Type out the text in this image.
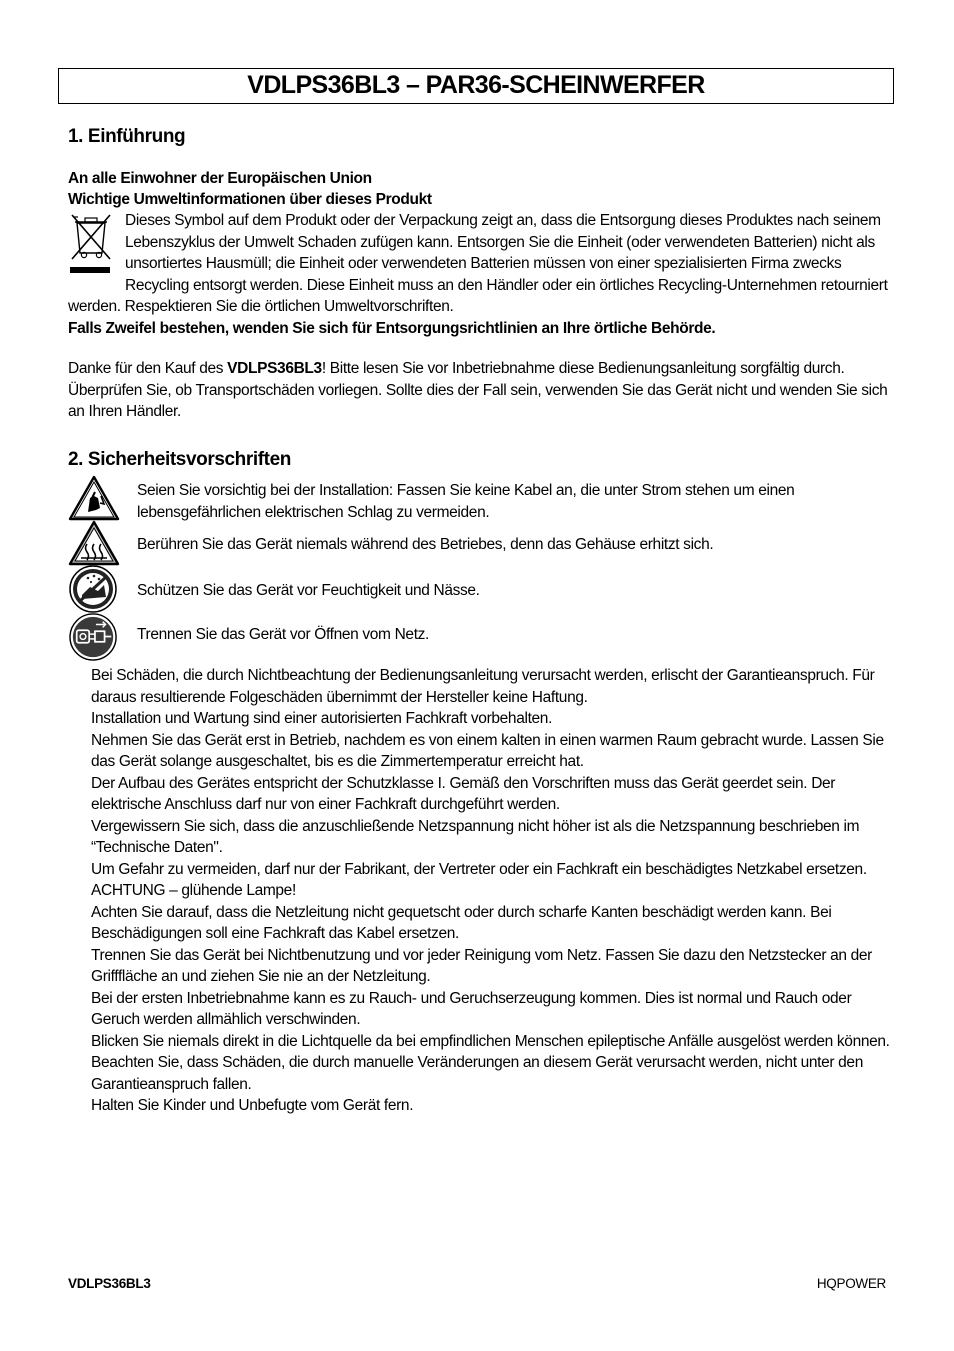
VDLPS36BL3 – PAR36-SCHEINWERFER
1. Einführung
An alle Einwohner der Europäischen Union
Wichtige Umweltinformationen über dieses Produkt

Dieses Symbol auf dem Produkt oder der Verpackung zeigt an, dass die Entsorgung dieses Produktes nach seinem Lebenszyklus der Umwelt Schaden zufügen kann. Entsorgen Sie die Einheit (oder verwendeten Batterien) nicht als unsortiertes Hausmüll; die Einheit oder verwendeten Batterien müssen von einer spezialisierten Firma zwecks Recycling entsorgt werden. Diese Einheit muss an den Händler oder ein örtliches Recycling-Unternehmen retourniert werden. Respektieren Sie die örtlichen Umweltvorschriften.
Falls Zweifel bestehen, wenden Sie sich für Entsorgungsrichtlinien an Ihre örtliche Behörde.

Danke für den Kauf des VDLPS36BL3! Bitte lesen Sie vor Inbetriebnahme diese Bedienungsanleitung sorgfältig durch. Überprüfen Sie, ob Transportschäden vorliegen. Sollte dies der Fall sein, verwenden Sie das Gerät nicht und wenden Sie sich an Ihren Händler.

2. Sicherheitsvorschriften

Seien Sie vorsichtig bei der Installation: Fassen Sie keine Kabel an, die unter Strom stehen um einen lebensgefährlichen elektrischen Schlag zu vermeiden.

Berühren Sie das Gerät niemals während des Betriebes, denn das Gehäuse erhitzt sich.

Schützen Sie das Gerät vor Feuchtigkeit und Nässe.

Trennen Sie das Gerät vor Öffnen vom Netz.

Bei Schäden, die durch Nichtbeachtung der Bedienungsanleitung verursacht werden, erlischt der Garantieanspruch. Für daraus resultierende Folgeschäden übernimmt der Hersteller keine Haftung.
Installation und Wartung sind einer autorisierten Fachkraft vorbehalten.
Nehmen Sie das Gerät erst in Betrieb, nachdem es von einem kalten in einen warmen Raum gebracht wurde. Lassen Sie das Gerät solange ausgeschaltet, bis es die Zimmertemperatur erreicht hat.
Der Aufbau des Gerätes entspricht der Schutzklasse I. Gemäß den Vorschriften muss das Gerät geerdet sein. Der elektrische Anschluss darf nur von einer Fachkraft durchgeführt werden.
Vergewissern Sie sich, dass die anzuschließende Netzspannung nicht höher ist als die Netzspannung beschrieben im “Technische Daten".
Um Gefahr zu vermeiden, darf nur der Fabrikant, der Vertreter oder ein Fachkraft ein beschädigtes Netzkabel ersetzen.
ACHTUNG – glühende Lampe!
Achten Sie darauf, dass die Netzleitung nicht gequetscht oder durch scharfe Kanten beschädigt werden kann. Bei Beschädigungen soll eine Fachkraft das Kabel ersetzen.
Trennen Sie das Gerät bei Nichtbenutzung und vor jeder Reinigung vom Netz. Fassen Sie dazu den Netzstecker an der Grifffläche an und ziehen Sie nie an der Netzleitung.
Bei der ersten Inbetriebnahme kann es zu Rauch- und Geruchserzeugung kommen. Dies ist normal und Rauch oder Geruch werden allmählich verschwinden.
Blicken Sie niemals direkt in die Lichtquelle da bei empfindlichen Menschen epileptische Anfälle ausgelöst werden können.
Beachten Sie, dass Schäden, die durch manuelle Veränderungen an diesem Gerät verursacht werden, nicht unter den Garantieanspruch fallen.
Halten Sie Kinder und Unbefugte vom Gerät fern.
VDLPS36BL3	HQPOWER
